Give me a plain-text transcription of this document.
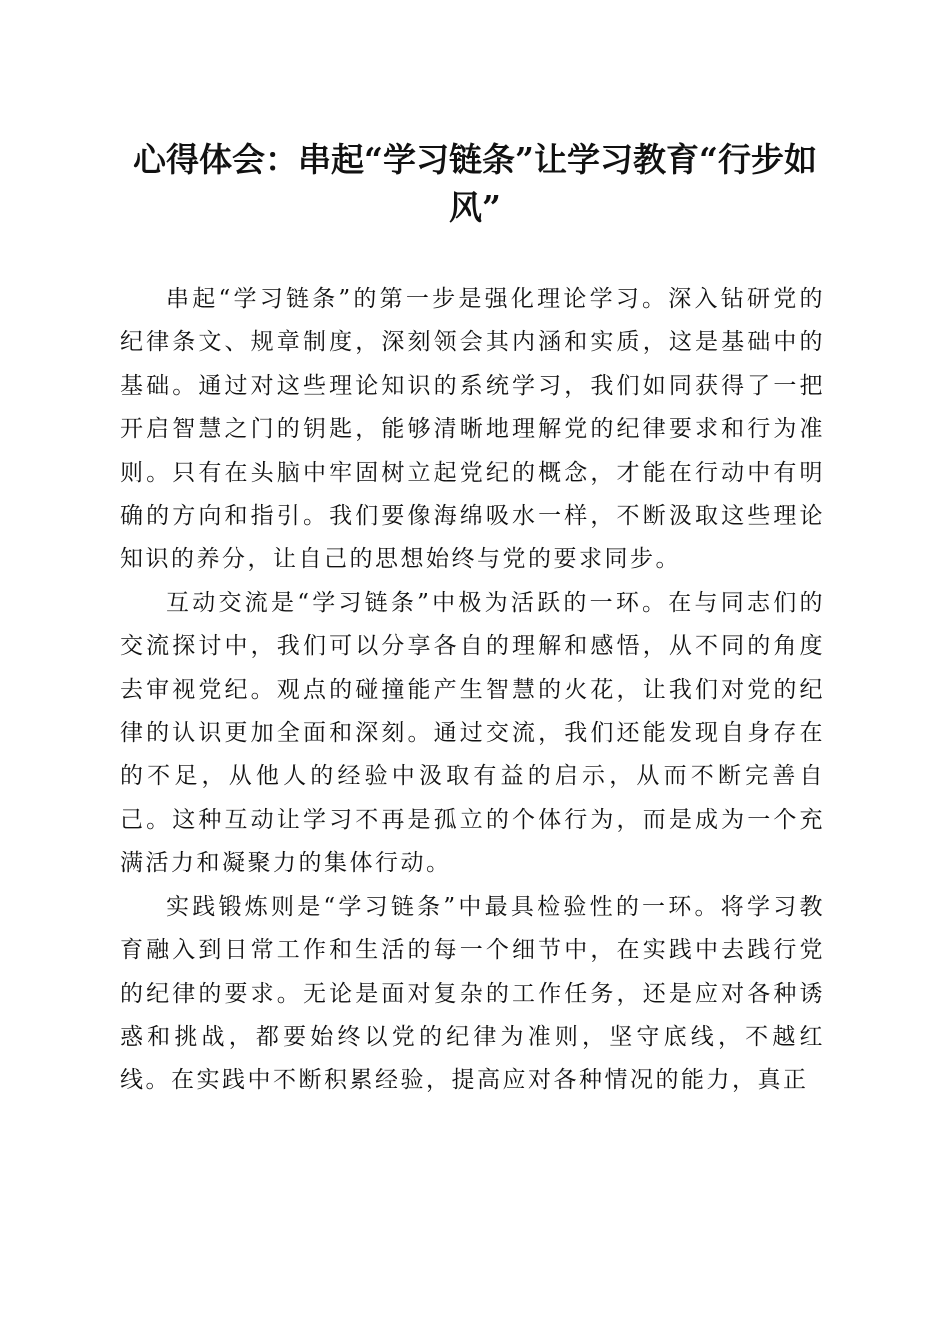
心得体会：串起“学习链条”让学习教育“行步如风”

串起“学习链条”的第一步是强化理论学习。深入钻研党的纪律条文、规章制度，深刻领会其内涵和实质，这是基础中的基础。通过对这些理论知识的系统学习，我们如同获得了一把开启智慧之门的钥匙，能够清晰地理解党的纪律要求和行为准则。只有在头脑中牢固树立起党纪的概念，才能在行动中有明确的方向和指引。我们要像海绵吸水一样，不断汲取这些理论知识的养分，让自己的思想始终与党的要求同步。

互动交流是“学习链条”中极为活跃的一环。在与同志们的交流探讨中，我们可以分享各自的理解和感悟，从不同的角度去审视党纪。观点的碰撞能产生智慧的火花，让我们对党的纪律的认识更加全面和深刻。通过交流，我们还能发现自身存在的不足，从他人的经验中汲取有益的启示，从而不断完善自己。这种互动让学习不再是孤立的个体行为，而是成为一个充满活力和凝聚力的集体行动。

实践锻炼则是“学习链条”中最具检验性的一环。将学习教育融入到日常工作和生活的每一个细节中，在实践中去践行党的纪律的要求。无论是面对复杂的工作任务，还是应对各种诱惑和挑战，都要始终以党的纪律为准则，坚守底线，不越红线。在实践中不断积累经验，提高应对各种情况的能力，真正
